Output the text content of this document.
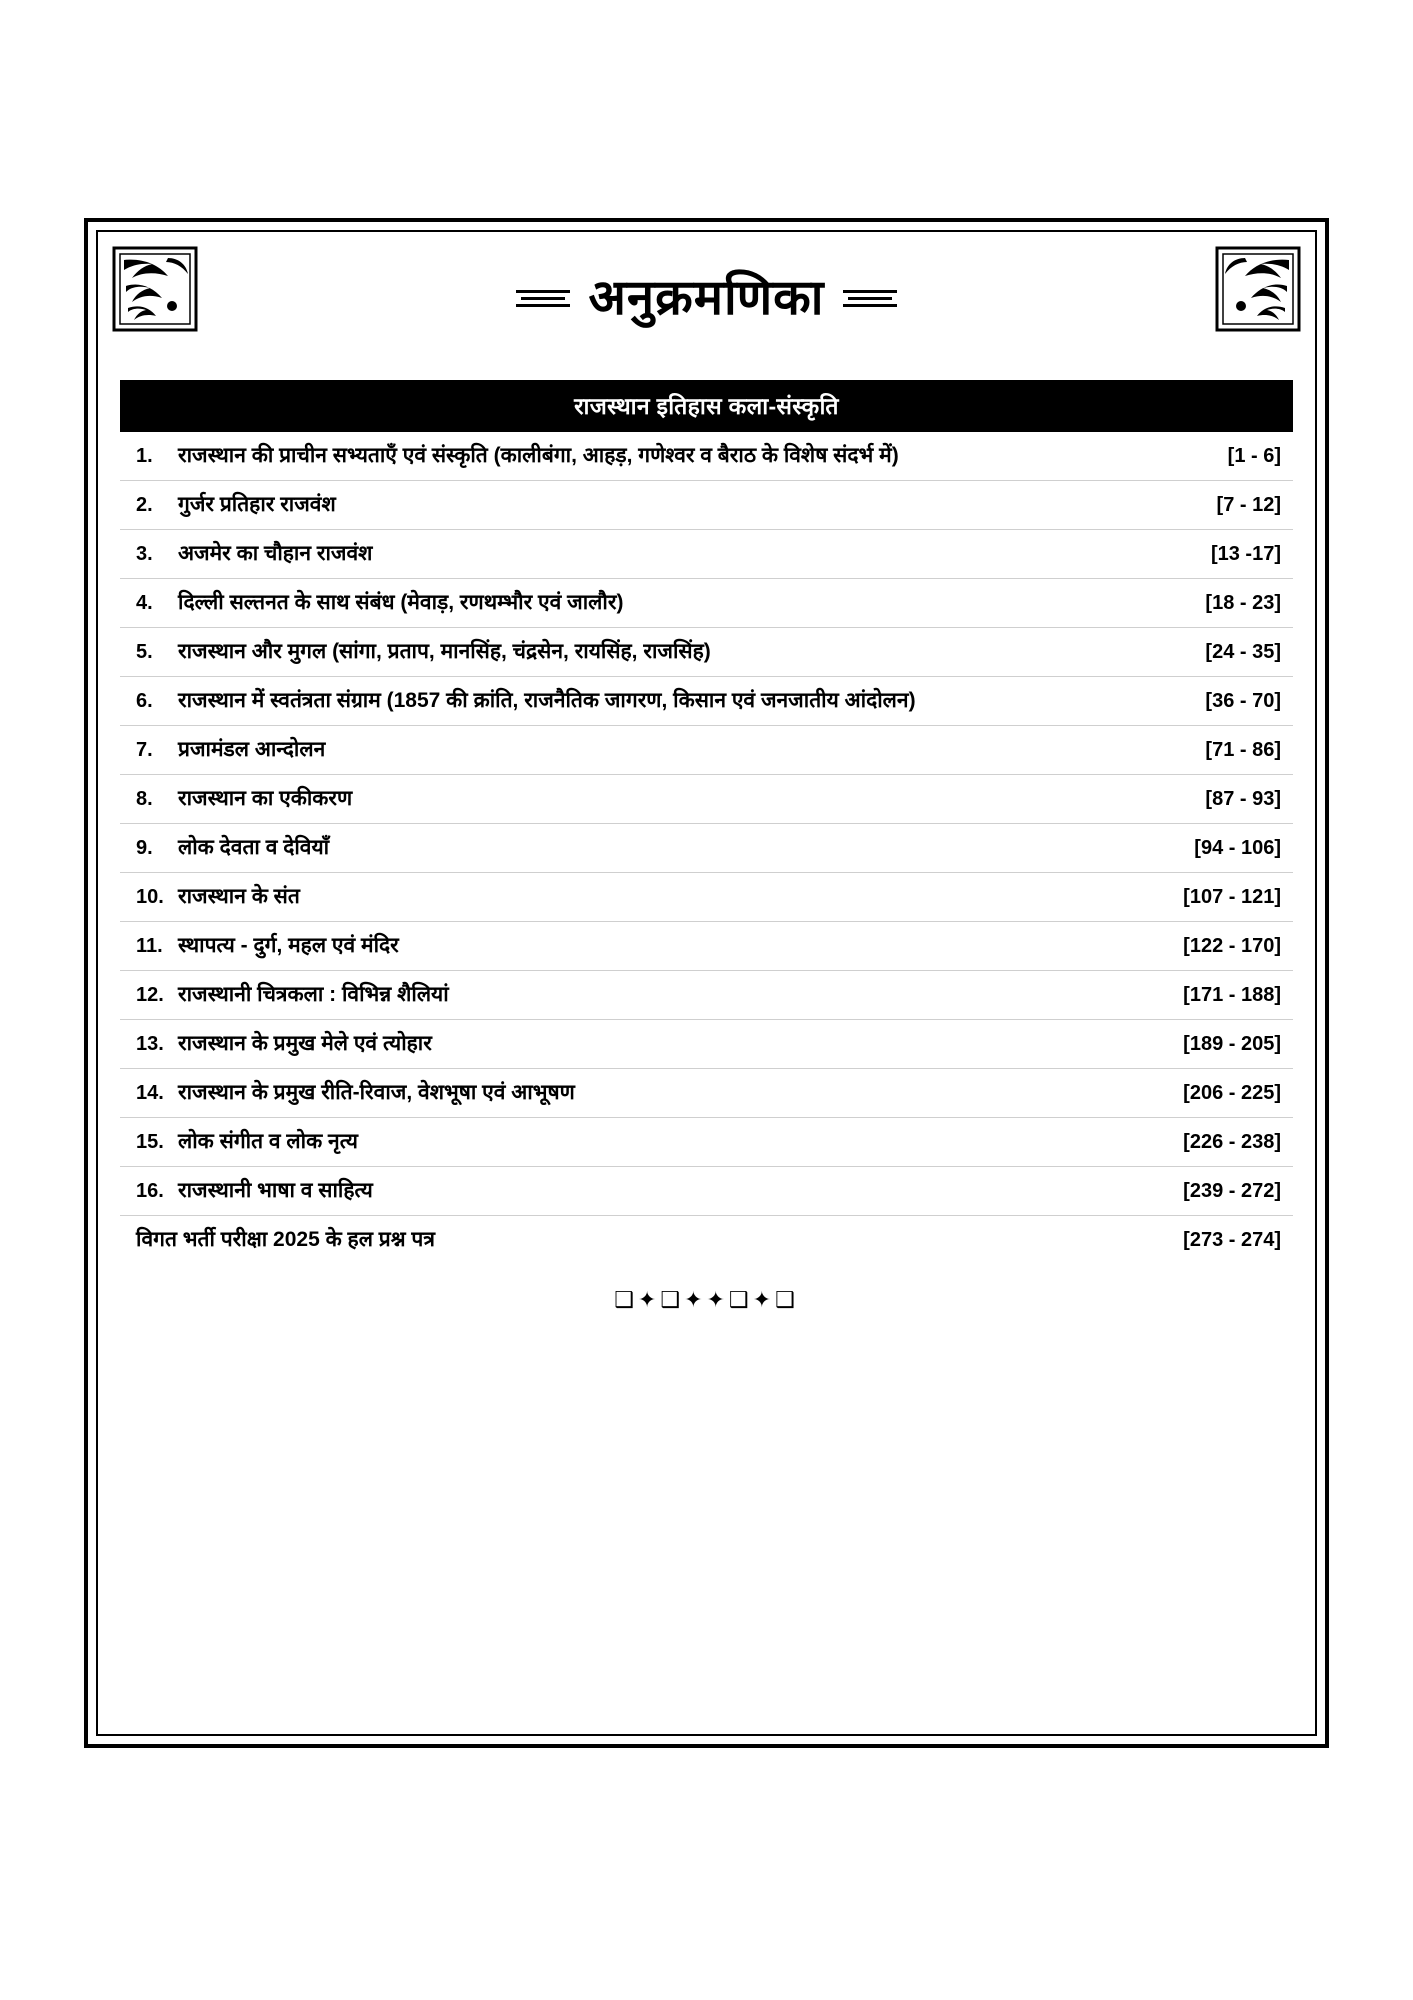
अनुक्रमणिका
राजस्थान इतिहास कला-संस्कृति
1.	राजस्थान की प्राचीन सभ्यताएँ एवं संस्कृति (कालीबंगा, आहड़, गणेश्वर व बैराठ के विशेष संदर्भ में)	[1 - 6]
2.	गुर्जर प्रतिहार राजवंश	[7 - 12]
3.	अजमेर का चौहान राजवंश	[13 -17]
4.	दिल्ली सल्तनत के साथ संबंध (मेवाड़, रणथम्भौर एवं जालौर)	[18 - 23]
5.	राजस्थान और मुगल (सांगा, प्रताप, मानसिंह, चंद्रसेन, रायसिंह, राजसिंह)	[24 - 35]
6.	राजस्थान में स्वतंत्रता संग्राम (1857 की क्रांति, राजनैतिक जागरण, किसान एवं जनजातीय आंदोलन)	[36 - 70]
7.	प्रजामंडल आन्दोलन	[71 - 86]
8.	राजस्थान का एकीकरण	[87 - 93]
9.	लोक देवता व देवियाँ	[94 - 106]
10. राजस्थान के संत	[107 - 121]
11. स्थापत्य - दुर्ग, महल एवं मंदिर	[122 - 170]
12. राजस्थानी चित्रकला : विभिन्न शैलियां	[171 - 188]
13. राजस्थान के प्रमुख मेले एवं त्योहार	[189 - 205]
14. राजस्थान के प्रमुख रीति-रिवाज, वेशभूषा एवं आभूषण	[206 - 225]
15. लोक संगीत व लोक नृत्य	[226 - 238]
16. राजस्थानी भाषा व साहित्य	[239 - 272]
विगत भर्ती परीक्षा 2025 के हल प्रश्न पत्र	[273 - 274]
❑✦❑✦✦❑✦❑
